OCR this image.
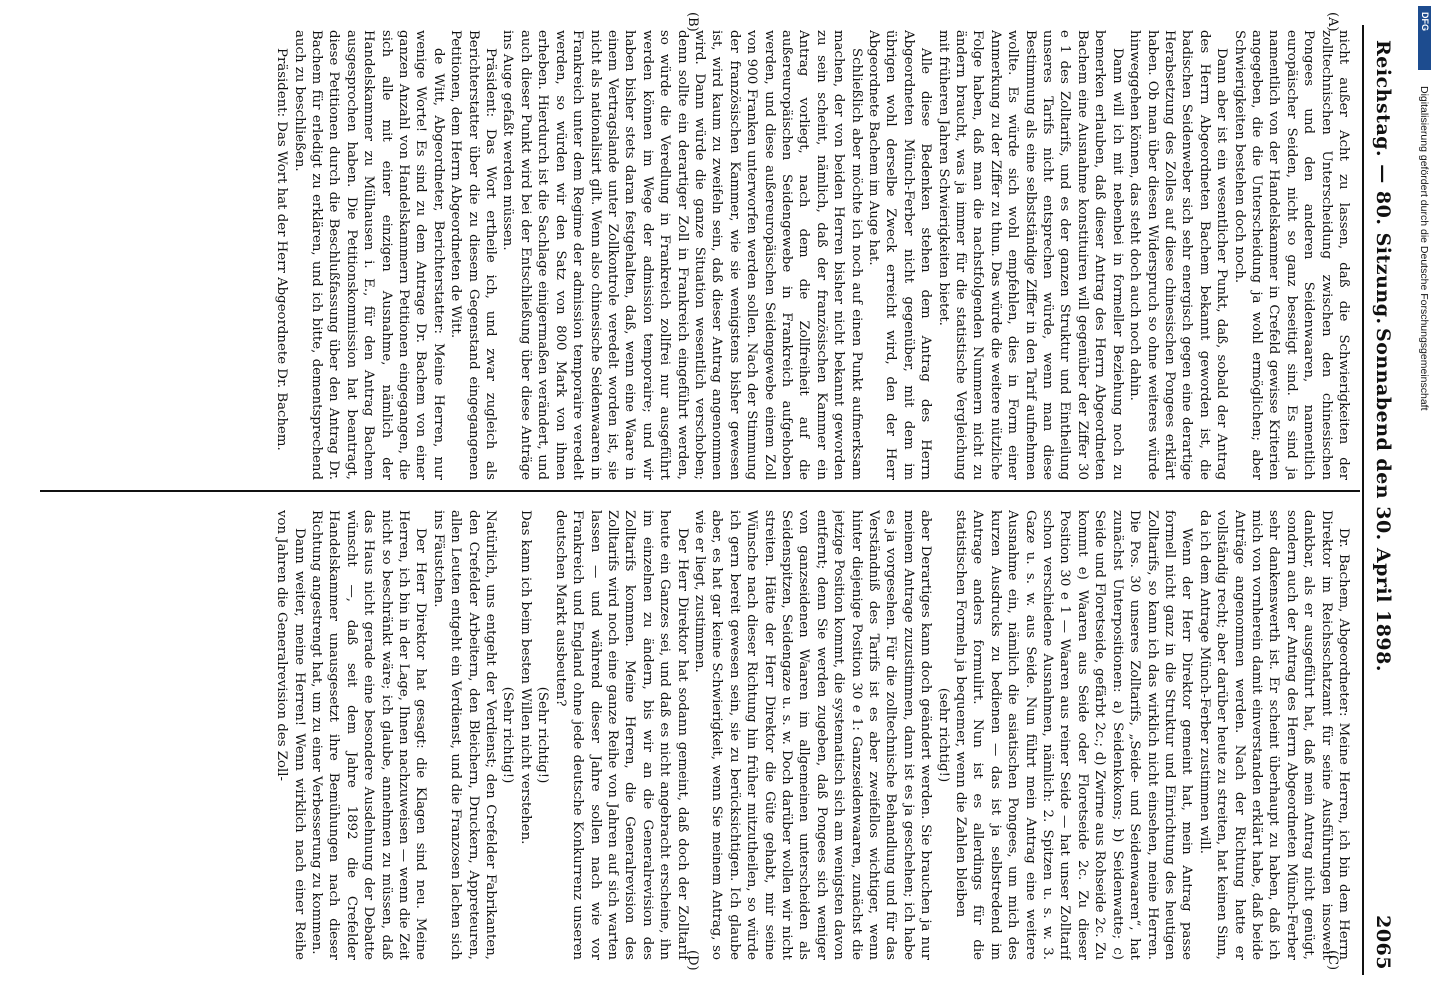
Reichstag. — 80. Sitzung.
Sonnabend den 30. April 1898.
2065
(A)
(B)
(C)
(D)

nicht außer Acht zu lassen, daß die Schwierigkeiten der zolltechnischen Unterscheidung zwischen den chinesischen Pongees und den anderen Seidenwaaren, namentlich europäischer Seiden, nicht so ganz beseitigt sind. Es sind ja namentlich von der Handelskammer in Crefeld gewisse Kriterien angegeben, die die Unterscheidung ja wohl ermöglichen; aber Schwierigkeiten bestehen doch noch.

Dann aber ist ein wesentlicher Punkt, daß, sobald der Antrag des Herrn Abgeordneten Bachem bekannt geworden ist, die badischen Seidenweber sich sehr energisch gegen eine derartige Herabsetzung des Zolles auf diese chinesischen Pongees erklärt haben. Ob man über diesen Widerspruch so ohne weiteres würde hinweggehen können, das steht doch auch noch dahin.

Dann will ich mit nebenbei in formeller Beziehung noch zu bemerken erlauben, daß dieser Antrag des Herrn Abgeordneten Bachem eine Ausnahme konstituiren will gegenüber der Ziffer 30 e 1 des Zolltarifs, und es der ganzen Struktur und Eintheilung unseres Tarifs nicht entsprechen würde, wenn man diese Bestimmung als eine selbstständige Ziffer in den Tarif aufnehmen wollte. Es würde sich wohl empfehlen, dies in Form einer Anmerkung zu der Ziffer zu thun. Das würde die weitere nützliche Folge haben, daß man die nachstfolgenden Nummern nicht zu ändern braucht, was ja immer für die statistische Vergleichung mit früheren Jahren Schwierigkeiten bietet.

Alle diese Bedenken stehen dem Antrag des Herrn Abgeordneten Münch-Ferber nicht gegenüber, mit dem im übrigen wohl derselbe Zweck erreicht wird, den der Herr Abgeordnete Bachem im Auge hat.

Schließlich aber möchte ich noch auf einen Punkt aufmerksam machen, der von beiden Herren bisher nicht bekannt geworden zu sein scheint, nämlich, daß der französischen Kammer ein Antrag vorliegt, nach dem die Zollfreiheit auf die außereuropäischen Seidengewebe in Frankreich aufgehoben werden, und diese außereuropäischen Seidengewebe einem Zoll von 900 Franken unterworfen werden sollen. Nach der Stimmung der französischen Kammer, wie sie wenigstens bisher gewesen ist, wird kaum zu zweifeln sein, daß dieser Antrag angenommen wird. Dann würde die ganze Situation wesentlich verschoben; denn sollte ein derartiger Zoll in Frankreich eingeführt werden, so würde die Veredlung in Frankreich zollfrei nur ausgeführt werden können im Wege der admission temporaire; und wir haben bisher stets daran festgehalten, daß, wenn eine Waare in einem Vertragslande unter Zollkontrole veredelt worden ist, sie nicht als nationalisirt gilt. Wenn also chinesische Seidenwaaren in Frankreich unter dem Regime der admission temporaire veredelt werden, so würden wir den Satz von 800 Mark von ihnen erheben. Hierdurch ist die Sachlage einigermaßen verändert, und auch dieser Punkt wird bei der Entschließung über diese Anträge ins Auge gefaßt werden müssen.

Präsident: Das Wort ertheile ich, und zwar zugleich als Berichterstatter über die zu diesem Gegenstand eingegangenen Petitionen, dem Herrn Abgeordneten de Witt.

de Witt, Abgeordneter, Berichterstatter: Meine Herren, nur wenige Worte! Es sind zu dem Antrage Dr. Bachem von einer ganzen Anzahl von Handelskammern Petitionen eingegangen, die sich alle mit einer einzigen Ausnahme, nämlich der Handelskammer zu Mülhausen i. E., für den Antrag Bachem ausgesprochen haben. Die Petitionskommission hat beantragt, diese Petitionen durch die Beschlußfassung über den Antrag Dr. Bachem für erledigt zu erklären, und ich bitte, dementsprechend auch zu beschließen.

Präsident: Das Wort hat der Herr Abgeordnete Dr. Bachem.

Dr. Bachem, Abgeordneter: Meine Herren, ich bin dem Herrn Direktor im Reichsschatzamt für seine Ausführungen insoweit dankbar, als er ausgeführt hat, daß mein Antrag nicht genügt, sondern auch der Antrag des Herrn Abgeordneten Münch-Ferber sehr dankenswerth ist. Er scheint überhaupt zu haben, daß ich mich von vornherein damit einverstanden erklärt habe, daß beide Anträge angenommen werden. Nach der Richtung hatte er vollständig recht; aber darüber heute zu streiten, hat keinen Sinn, da ich dem Antrage Münch-Ferber zustimmen will.

Wenn der Herr Direktor gemeint hat, mein Antrag passe formell nicht ganz in die Struktur und Einrichtung des heutigen Zolltarifs, so kann ich das wirklich nicht einsehen, meine Herren. Die Pos. 30 unseres Zolltarifs, „Seide- und Seidenwaaren“, hat zunächst Unterpositionen: a) Seidenkokons; b) Seidenwatte; c) Seide und Floretseide, gefärbt 2c.; d) Zwirne aus Rohseide 2c. Zu kommt e) Waaren aus Seide oder Floretseide 2c. Zu dieser Position 30 e 1 — Waaren aus reiner Seide — hat unser Zolltarif schon verschiedene Ausnahmen, nämlich: 2. Spitzen u. s. w. 3. Gaze u. s. w. aus Seide. Nun führt mein Antrag eine weitere Ausnahme ein, nämlich die asiatischen Pongees, um mich des kurzen Ausdrucks zu bedienen — das ist ja selbstredend im Antrage anders formulirt. Nun ist es allerdings für die statistischen Formeln ja bequemer, wenn die Zahlen bleiben

(sehr richtig!)

aber Derartiges kann doch geändert werden. Sie brauchen ja nur meinem Antrage zuzustimmen, dann ist es ja geschehen; ich habe es ja vorgesehen. Für die zolltechnische Behandlung und für das Verständniß des Tarifs ist es aber zweifellos wichtiger, wenn hinter diejenige Position 30 e 1: Ganzseidenwaaren, zunächst die jetzige Position kommt, die systematisch sich am wenigsten davon entfernt; denn Sie werden zugeben, daß Pongees sich weniger von ganzseidenen Waaren im allgemeinen unterscheiden als Seidenspitzen, Seidengaze u. s. w. Doch darüber wollen wir nicht streiten. Hätte der Herr Direktor die Güte gehabt, mir seine Wünsche nach dieser Richtung hin früher mitzutheilen, so würde ich gern bereit gewesen sein, sie zu berücksichtigen. Ich glaube aber, es hat gar keine Schwierigkeit, wenn Sie meinem Antrag, so wie er liegt, zustimmen.

Der Herr Direktor hat sodann gemeint, daß doch der Zolltarif heute ein Ganzes sei, und daß es nicht angebracht erscheine, ihn im einzelnen zu ändern, bis wir an die Generalrevision des Zolltarifs kommen. Meine Herren, die Generalrevision des Zolltarifs wird noch eine ganze Reihe von Jahren auf sich warten lassen — und während dieser Jahre sollen nach wie vor Frankreich und England ohne jede deutsche Konkurrenz unseren deutschen Markt ausbeuten?

(Sehr richtig!)

Das kann ich beim besten Willen nicht verstehen.

(Sehr richtig!)

Natürlich, uns entgeht der Verdienst; den Crefelder Fabrikanten, den Crefelder Arbeitern, den Bleichern, Druckern, Appreteuren, allen Leuten entgeht ein Verdienst, und die Franzosen lachen sich ins Fäustchen.

Der Herr Direktor hat gesagt: die Klagen sind neu. Meine Herren, ich bin in der Lage, Ihnen nachzuweisen — wenn die Zeit nicht so beschränkt wäre; ich glaube, annehmen zu müssen, daß das Haus nicht gerade eine besondere Ausdehnung der Debatte wünscht —, daß seit dem Jahre 1892 die Crefelder Handelskammer unausgesetzt ihre Bemühungen nach dieser Richtung angestrengt hat, um zu einer Verbesserung zu kommen.

Dann weiter, meine Herren! Wenn wirklich nach einer Reihe von Jahren die Generalrevision des Zoll-

DFG
Digitalisierung gefördert durch die Deutsche Forschungsgemeinschaft
